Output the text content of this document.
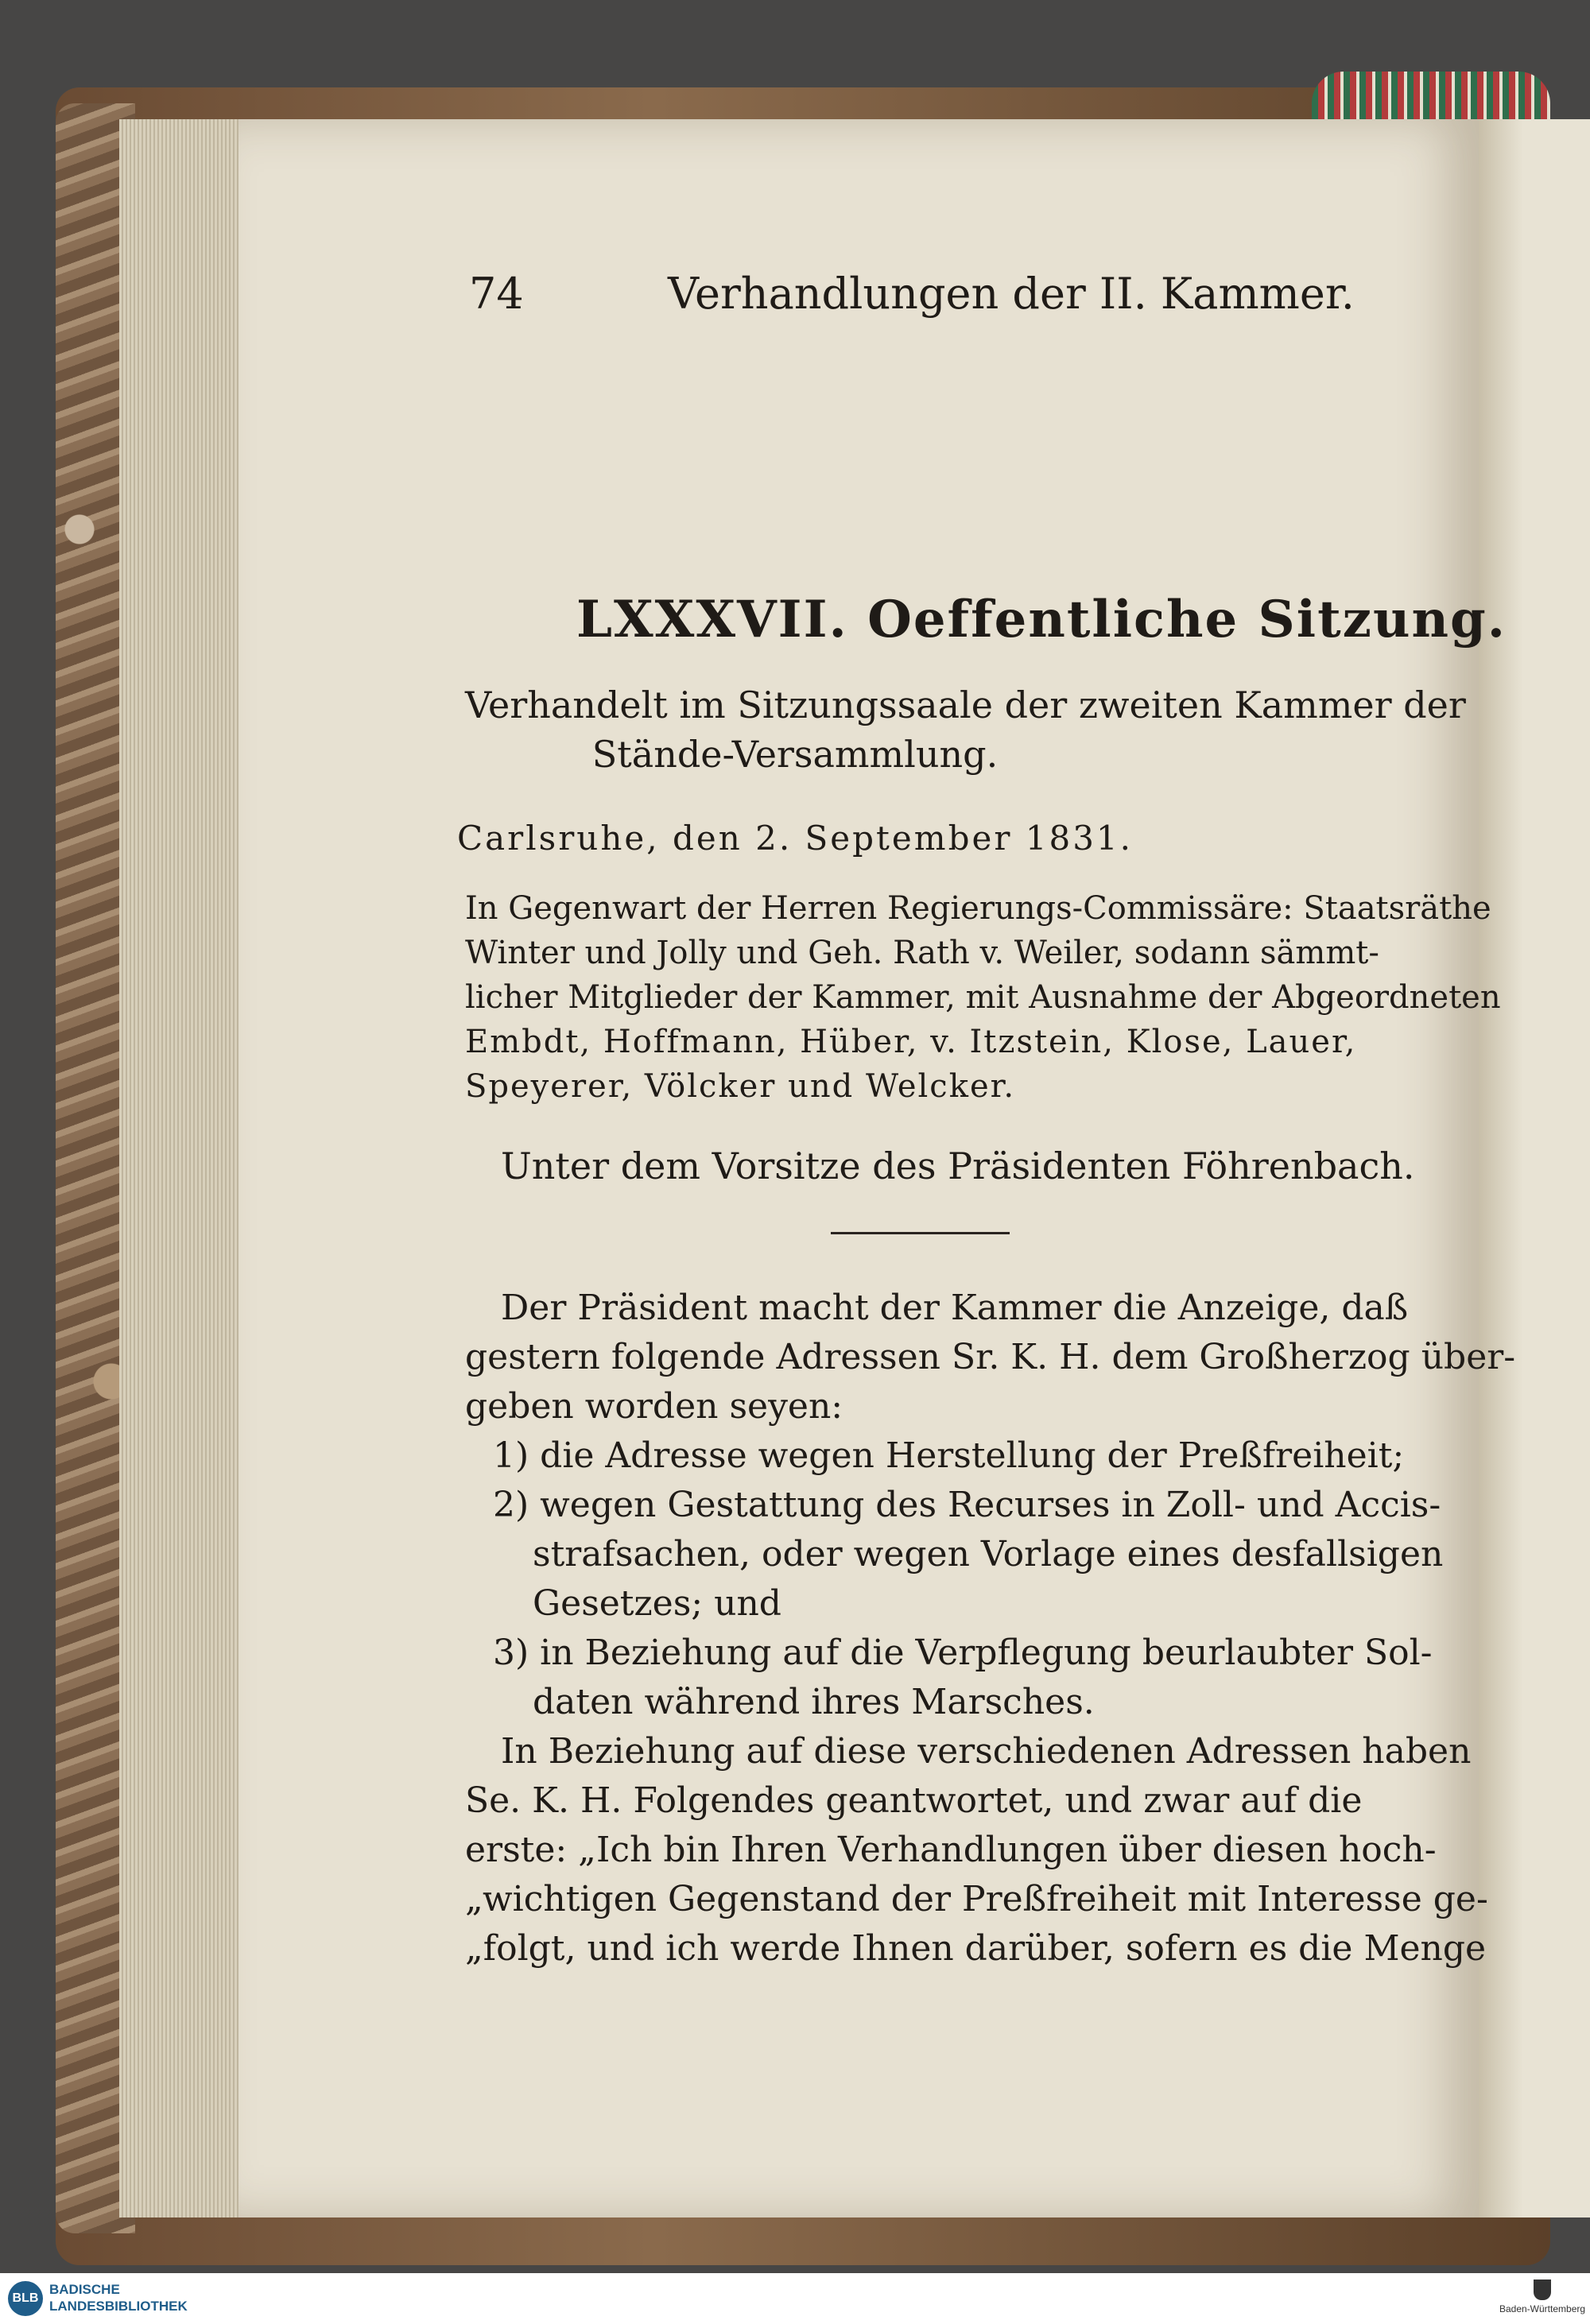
74	Verhandlungen der II. Kammer.
LXXXVII. Oeffentliche Sitzung.
Verhandelt im Sitzungssaale der zweiten Kammer der
Stände-Versammlung.
Carlsruhe, den 2. September 1831.
In Gegenwart der Herren Regierungs-Commissäre: Staatsräthe
Winter und Jolly und Geh. Rath v. Weiler, sodann sämmt-
licher Mitglieder der Kammer, mit Ausnahme der Abgeordneten
Embdt, Hoffmann, Hüber, v. Itzstein, Klose, Lauer,
Speyerer, Völcker und Welcker.
Unter dem Vorsitze des Präsidenten Föhrenbach.
Der Präsident macht der Kammer die Anzeige, daß
gestern folgende Adressen Sr. K. H. dem Großherzog über-
geben worden seyen:
1) die Adresse wegen Herstellung der Preßfreiheit;
2) wegen Gestattung des Recurses in Zoll- und Accis-
strafsachen, oder wegen Vorlage eines desfallsigen
Gesetzes; und
3) in Beziehung auf die Verpflegung beurlaubter Sol-
daten während ihres Marsches.
In Beziehung auf diese verschiedenen Adressen haben
Se. K. H. Folgendes geantwortet, und zwar auf die
erste: „Ich bin Ihren Verhandlungen über diesen hoch-
„wichtigen Gegenstand der Preßfreiheit mit Interesse ge-
„folgt, und ich werde Ihnen darüber, sofern es die Menge
BLB
BADISCHE
LANDESBIBLIOTHEK	Baden-Württemberg
